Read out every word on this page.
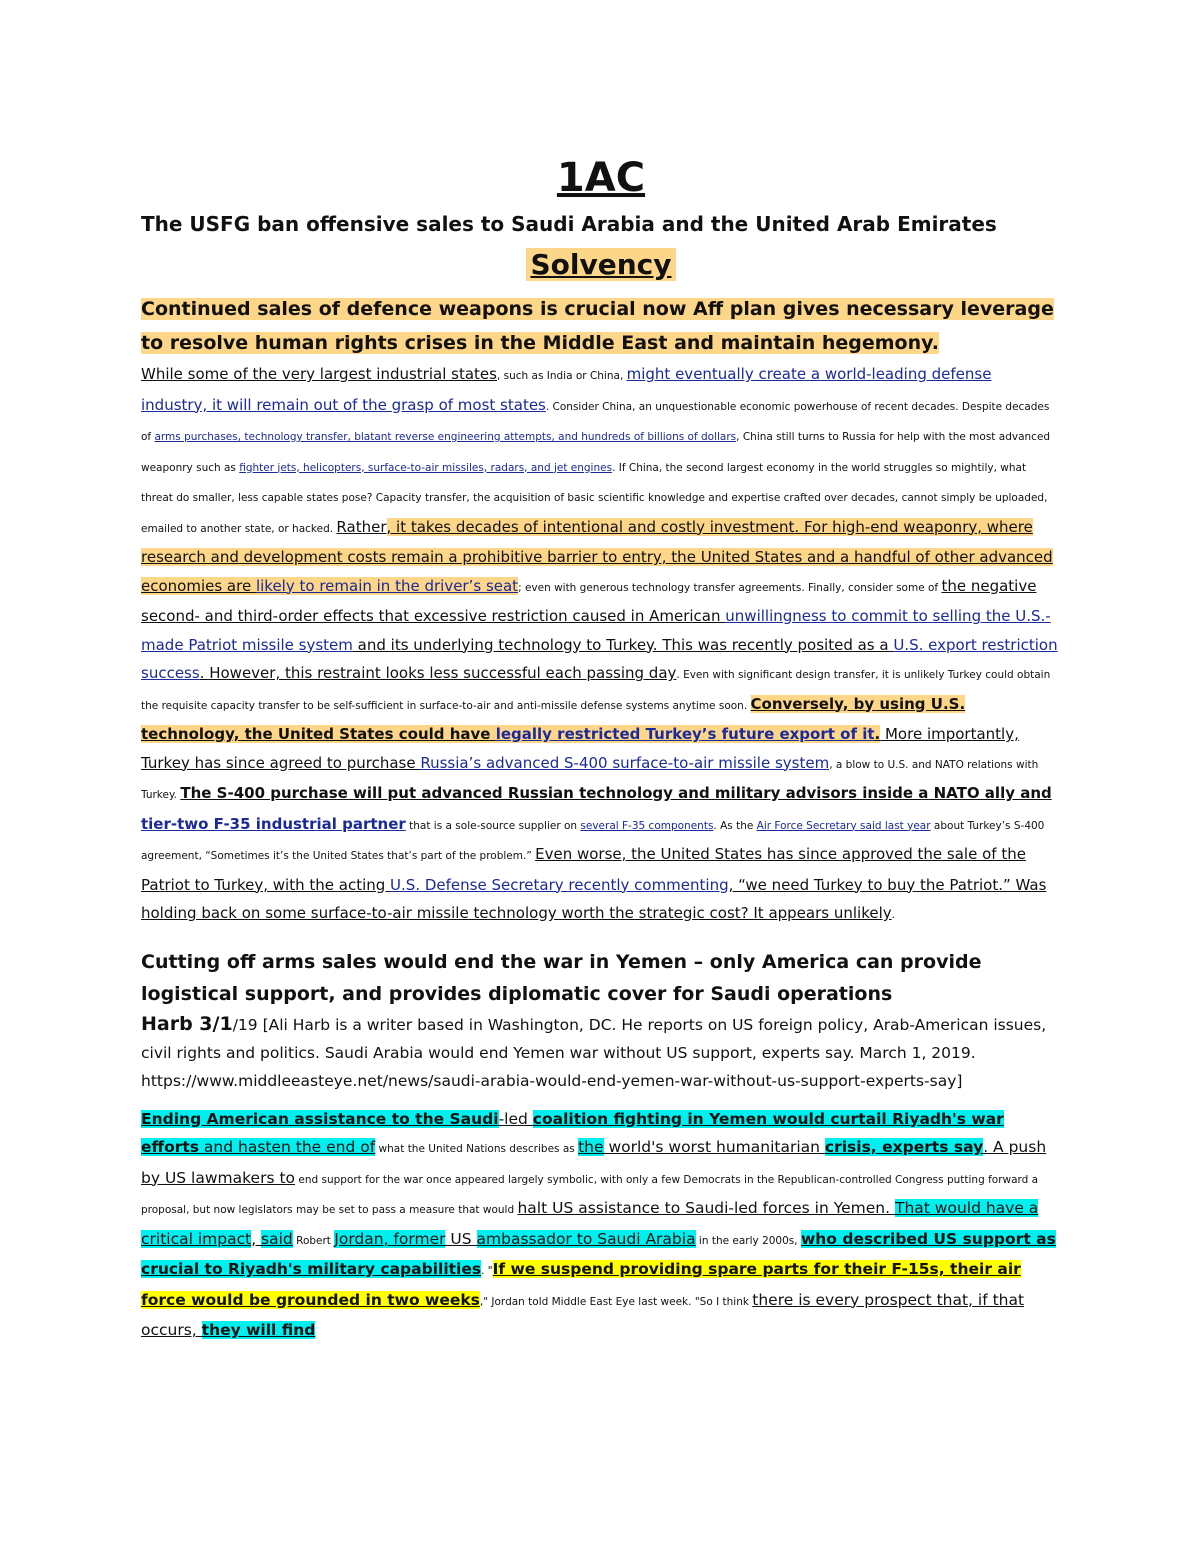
1AC
The USFG ban offensive sales to Saudi Arabia and the United Arab Emirates
Solvency
Continued sales of defence weapons is crucial now Aff plan gives necessary leverage to resolve human rights crises in the Middle East and maintain hegemony.
While some of the very largest industrial states, such as India or China, might eventually create a world-leading defense industry, it will remain out of the grasp of most states. Consider China, an unquestionable economic powerhouse of recent decades. Despite decades of arms purchases, technology transfer, blatant reverse engineering attempts, and hundreds of billions of dollars, China still turns to Russia for help with the most advanced weaponry such as fighter jets, helicopters, surface-to-air missiles, radars, and jet engines. If China, the second largest economy in the world struggles so mightily, what threat do smaller, less capable states pose? Capacity transfer, the acquisition of basic scientific knowledge and expertise crafted over decades, cannot simply be uploaded, emailed to another state, or hacked. Rather, it takes decades of intentional and costly investment. For high-end weaponry, where research and development costs remain a prohibitive barrier to entry, the United States and a handful of other advanced economies are likely to remain in the driver’s seat; even with generous technology transfer agreements. Finally, consider some of the negative second- and third-order effects that excessive restriction caused in American unwillingness to commit to selling the U.S.-made Patriot missile system and its underlying technology to Turkey. This was recently posited as a U.S. export restriction success. However, this restraint looks less successful each passing day. Even with significant design transfer, it is unlikely Turkey could obtain the requisite capacity transfer to be self-sufficient in surface-to-air and anti-missile defense systems anytime soon. Conversely, by using U.S. technology, the United States could have legally restricted Turkey’s future export of it. More importantly, Turkey has since agreed to purchase Russia’s advanced S-400 surface-to-air missile system, a blow to U.S. and NATO relations with Turkey. The S-400 purchase will put advanced Russian technology and military advisors inside a NATO ally and tier-two F-35 industrial partner that is a sole-source supplier on several F-35 components. As the Air Force Secretary said last year about Turkey’s S-400 agreement, “Sometimes it’s the United States that’s part of the problem.” Even worse, the United States has since approved the sale of the Patriot to Turkey, with the acting U.S. Defense Secretary recently commenting, “we need Turkey to buy the Patriot.” Was holding back on some surface-to-air missile technology worth the strategic cost? It appears unlikely.
Cutting off arms sales would end the war in Yemen – only America can provide logistical support, and provides diplomatic cover for Saudi operations
Harb 3/1/19 [Ali Harb is a writer based in Washington, DC. He reports on US foreign policy, Arab-American issues, civil rights and politics. Saudi Arabia would end Yemen war without US support, experts say. March 1, 2019. https://www.middleeasteye.net/news/saudi-arabia-would-end-yemen-war-without-us-support-experts-say]
Ending American assistance to the Saudi-led coalition fighting in Yemen would curtail Riyadh's war efforts and hasten the end of what the United Nations describes as the world's worst humanitarian crisis, experts say. A push by US lawmakers to end support for the war once appeared largely symbolic, with only a few Democrats in the Republican-controlled Congress putting forward a proposal, but now legislators may be set to pass a measure that would halt US assistance to Saudi-led forces in Yemen. That would have a critical impact, said Robert Jordan, former US ambassador to Saudi Arabia in the early 2000s, who described US support as crucial to Riyadh's military capabilities. "If we suspend providing spare parts for their F-15s, their air force would be grounded in two weeks," Jordan told Middle East Eye last week. "So I think there is every prospect that, if that occurs, they will find
